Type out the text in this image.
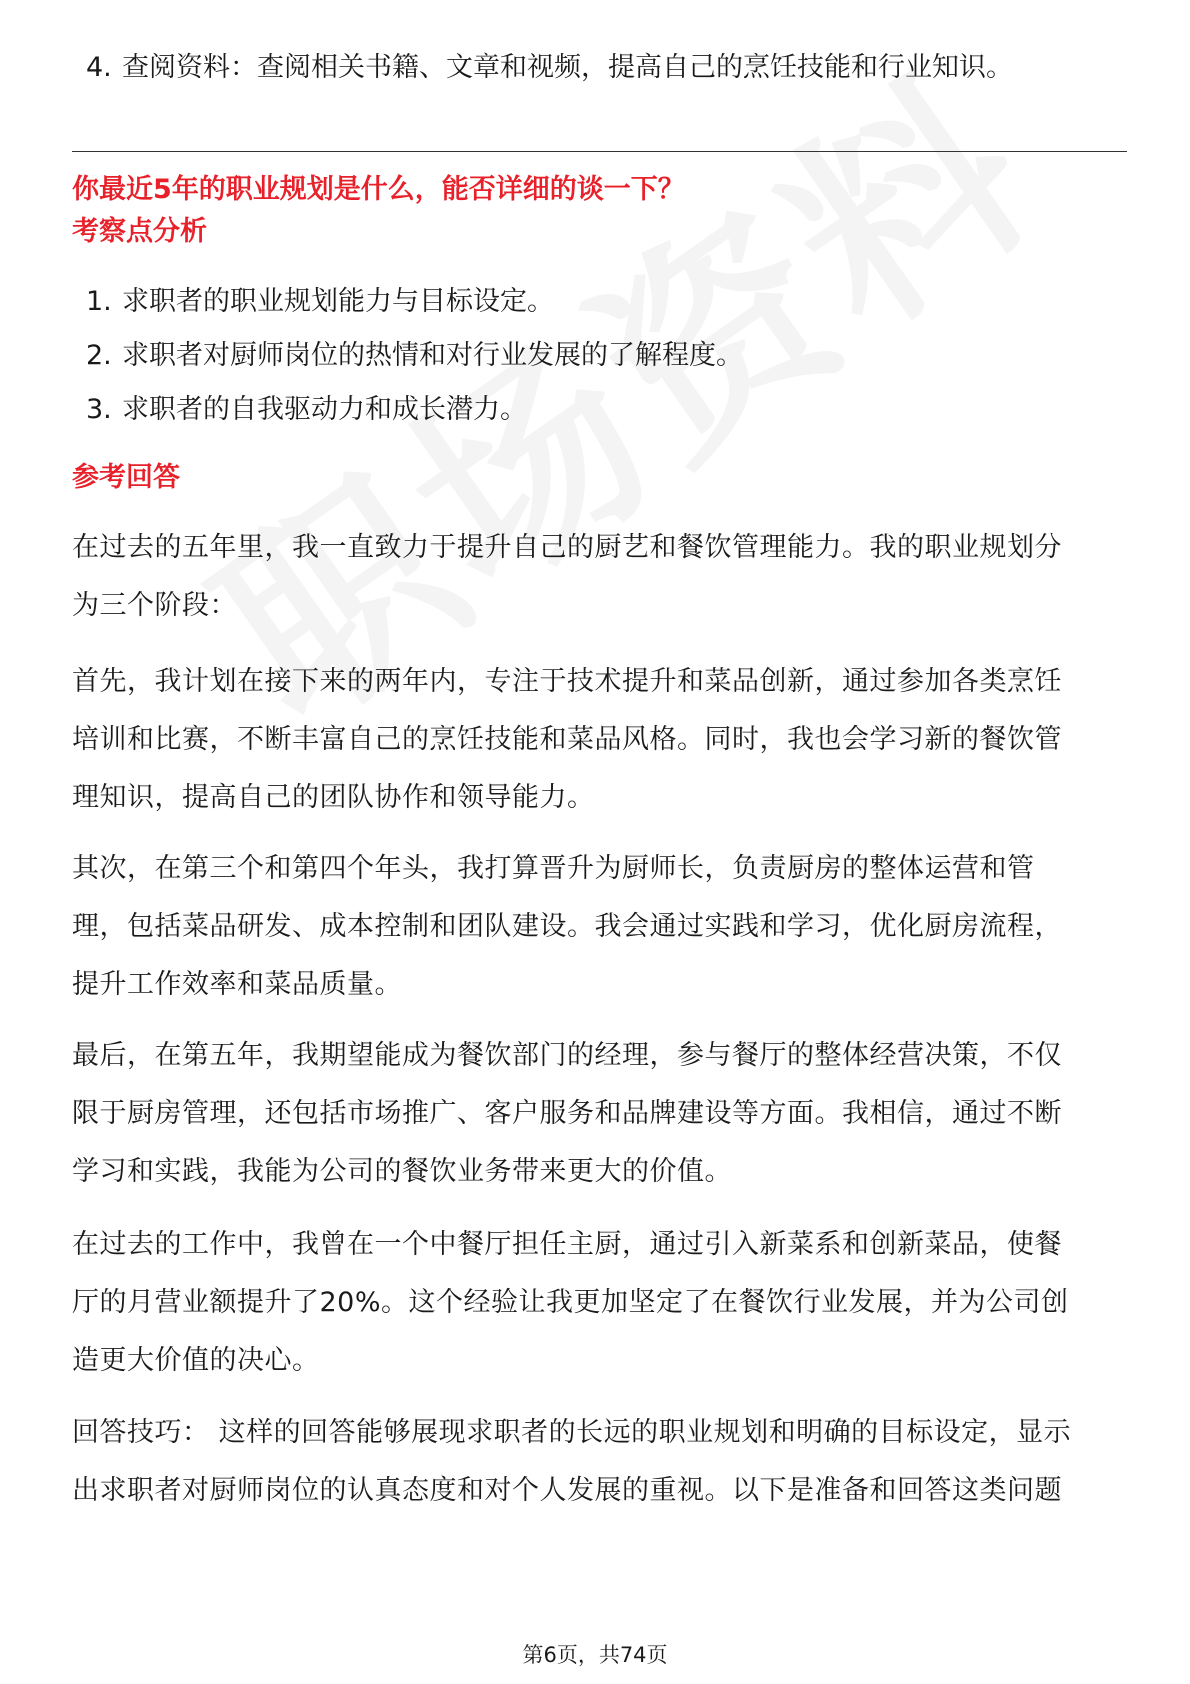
4. 查阅资料：查阅相关书籍、文章和视频，提高自己的烹饪技能和行业知识。
你最近5年的职业规划是什么，能否详细的谈一下？
考察点分析
1. 求职者的职业规划能力与目标设定。
2. 求职者对厨师岗位的热情和对行业发展的了解程度。
3. 求职者的自我驱动力和成长潜力。
参考回答
在过去的五年里，我一直致力于提升自己的厨艺和餐饮管理能力。我的职业规划分
为三个阶段：
首先，我计划在接下来的两年内，专注于技术提升和菜品创新，通过参加各类烹饪
培训和比赛，不断丰富自己的烹饪技能和菜品风格。同时，我也会学习新的餐饮管
理知识，提高自己的团队协作和领导能力。
其次，在第三个和第四个年头，我打算晋升为厨师长，负责厨房的整体运营和管
理，包括菜品研发、成本控制和团队建设。我会通过实践和学习，优化厨房流程，
提升工作效率和菜品质量。
最后，在第五年，我期望能成为餐饮部门的经理，参与餐厅的整体经营决策，不仅
限于厨房管理，还包括市场推广、客户服务和品牌建设等方面。我相信，通过不断
学习和实践，我能为公司的餐饮业务带来更大的价值。
在过去的工作中，我曾在一个中餐厅担任主厨，通过引入新菜系和创新菜品，使餐
厅的月营业额提升了20%。这个经验让我更加坚定了在餐饮行业发展，并为公司创
造更大价值的决心。
回答技巧： 这样的回答能够展现求职者的长远的职业规划和明确的目标设定，显示
出求职者对厨师岗位的认真态度和对个人发展的重视。以下是准备和回答这类问题
第6页，共74页
